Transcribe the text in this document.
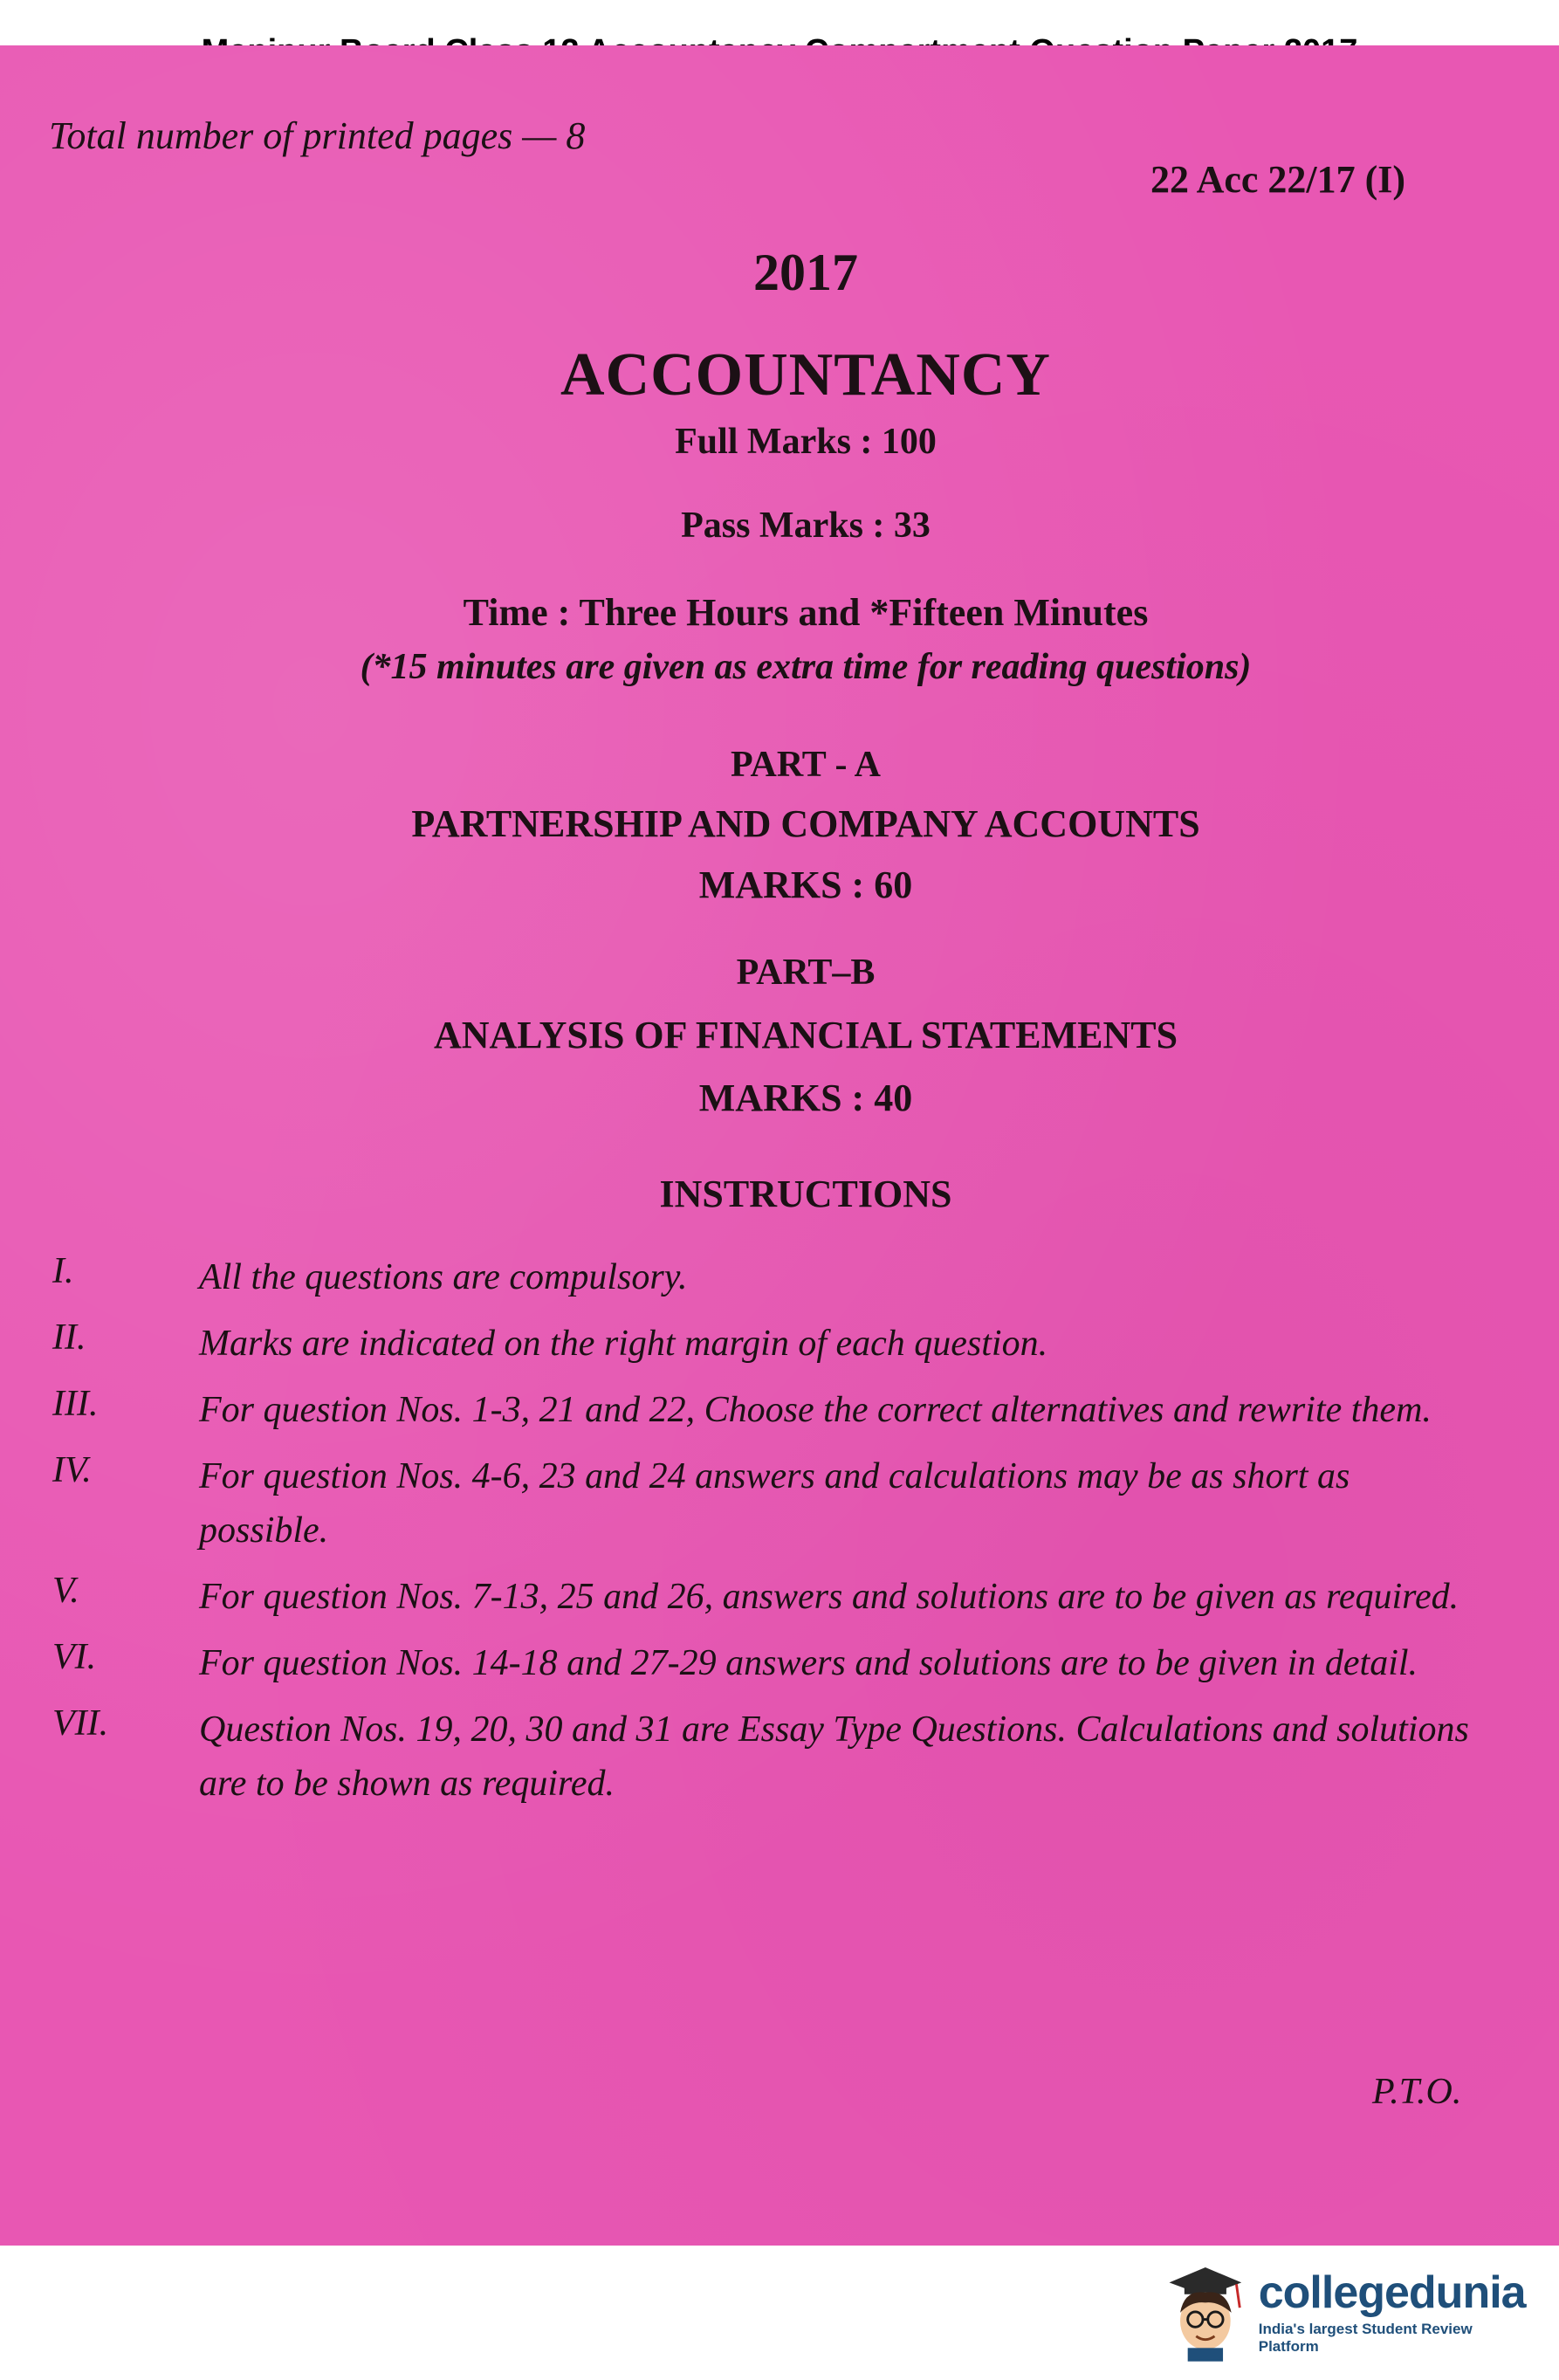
Total number of printed pages — 8
22 Acc 22/17 (I)
2017
ACCOUNTANCY
Full Marks : 100
Pass Marks : 33
Time : Three Hours and *Fifteen Minutes
(*15 minutes are given as extra time for reading questions)
PART - A
PARTNERSHIP AND COMPANY ACCOUNTS
MARKS : 60
PART–B
ANALYSIS OF FINANCIAL STATEMENTS
MARKS : 40
INSTRUCTIONS
I.	All the questions are compulsory.
II.	Marks are indicated on the right margin of each question.
III.	For question Nos. 1-3, 21 and 22, Choose the correct alternatives and rewrite them.
IV.	For question Nos. 4-6, 23 and 24 answers and calculations may be as short as possible.
V.	For question Nos. 7-13, 25 and 26, answers and solutions are to be given as required.
VI.	For question Nos. 14-18 and 27-29 answers and solutions are to be given in detail.
VII.	Question Nos. 19, 20, 30 and 31 are Essay Type Questions. Calculations and solutions are to be shown as required.
P.T.O.
collegedunia
India's largest Student Review Platform
